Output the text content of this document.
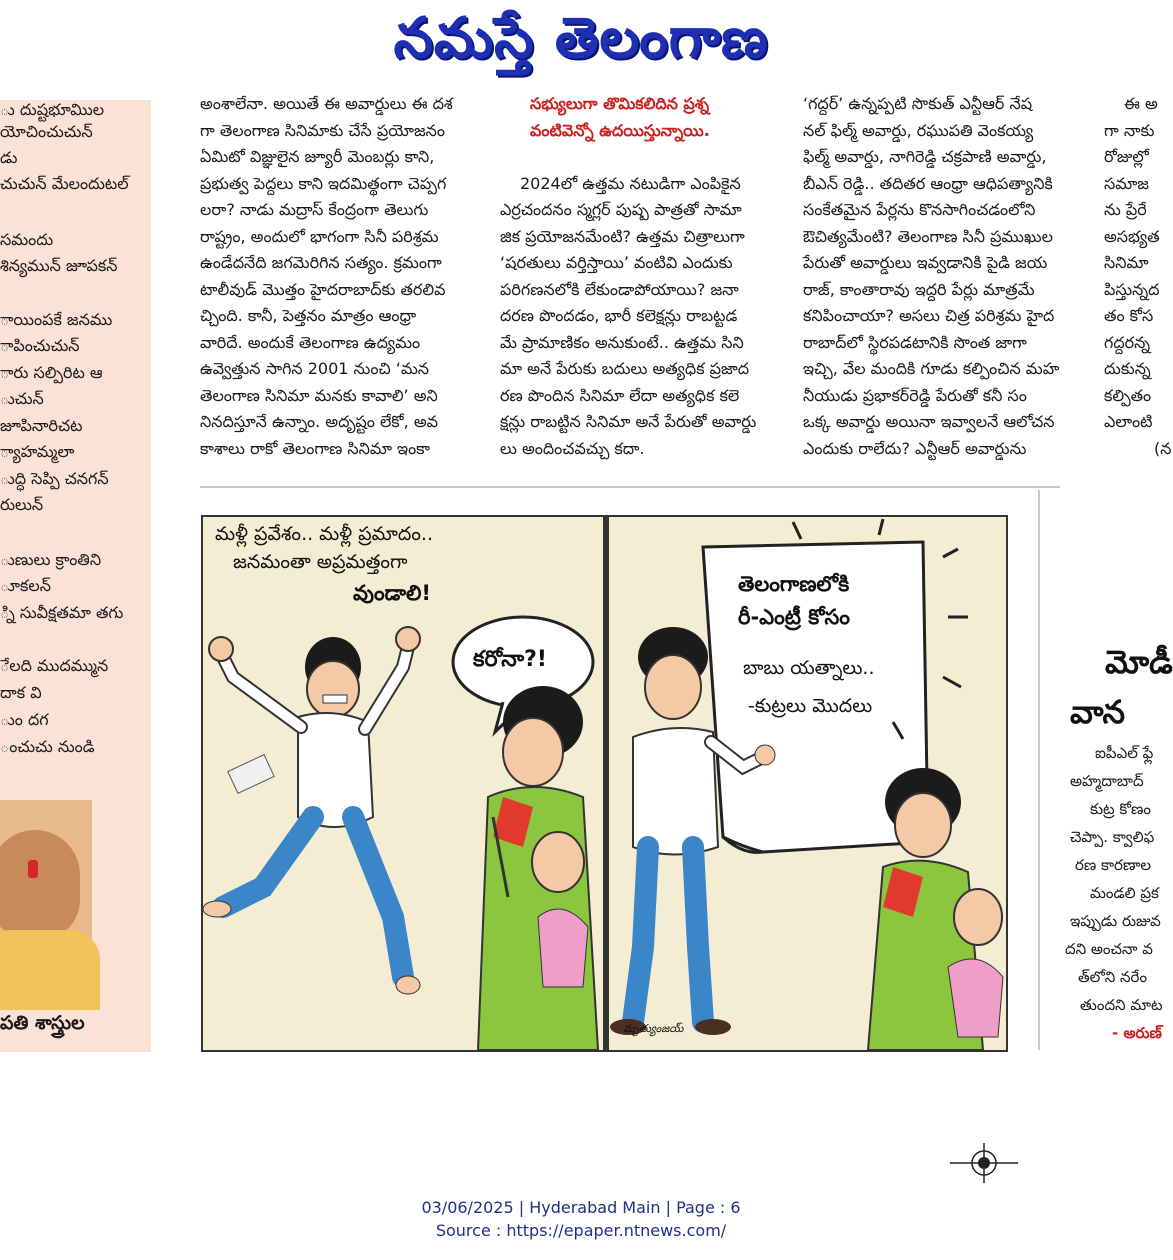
నమస్తే తెలంగాణ
ు దుష్టభూమిుల
యోచించుచున్
డు
చుచున్ మేలందుటల్
సమందు
శిన్యమున్ జూపకన్
ాయింపకే జనము
ాపించుచున్
ారు సల్పిరిట ఆ
ుచున్
జూపినారిచట
్యాహమ్మలా
ుద్ధి సెప్పి చనగన్
రులున్
ుణులు క్రాంతిని
ూకలన్
్ని సువీక్షతమా తగు
ేలది ముదమ్మున
దాక వి
ుం దగ
ంచుచు నుండి
పతి శాస్త్రుల
అంశాలేనా. అయితే ఈ అవార్డులు ఈ దశ
గా తెలంగాణ సినిమాకు చేసే ప్రయోజనం
ఏమిటో విజ్ఞులైన జ్యూరీ మెంబర్లు కాని,
ప్రభుత్వ పెద్దలు కాని ఇదమిత్థంగా చెప్పగ
లరా? నాడు మద్రాస్ కేంద్రంగా తెలుగు
రాష్ట్రం, అందులో భాగంగా సినీ పరిశ్రమ
ఉండేదనేది జగమెరిగిన సత్యం. క్రమంగా
టాలీవుడ్ మొత్తం హైదరాబాద్‌కు తరలివ
చ్చింది. కానీ, పెత్తనం మాత్రం ఆంధ్రా
వారిదే. అందుకే తెలంగాణ ఉద్యమం
ఉవ్వెత్తున సాగిన 2001 నుంచి ‘మన
తెలంగాణ సినిమా మనకు కావాలి’ అని
నినదిస్తూనే ఉన్నాం. అదృష్టం లేకో, అవ
కాశాలు రాకో తెలంగాణ సినిమా ఇంకా
సభ్యులుగా తొమికలిదిన ప్రశ్న
వంటివెన్నో ఉదయిస్తున్నాయి.
2024లో ఉత్తమ నటుడిగా ఎంపికైన
ఎర్రచందనం స్మగ్లర్ పుష్ప పాత్రతో సామా
జిక ప్రయోజనమేంటి? ఉత్తమ చిత్రాలుగా
‘షరతులు వర్తిస్తాయి’ వంటివి ఎందుకు
పరిగణనలోకి లేకుండాపోయాయి? జనా
దరణ పొందడం, భారీ కలెక్షన్లు రాబట్టడ
మే ప్రామాణికం అనుకుంటే.. ఉత్తమ సిని
మా అనే పేరుకు బదులు అత్యధిక ప్రజాద
రణ పొందిన సినిమా లేదా అత్యధిక కలె
క్షన్లు రాబట్టిన సినిమా అనే పేరుతో అవార్డు
లు అందించవచ్చు కదా.
‘గద్దర్’ ఉన్నప్పటి సొకుత్ ఎన్టీఆర్ నేష
నల్ ఫిల్మ్ అవార్డు, రఘుపతి వెంకయ్య
ఫిల్మ్ అవార్డు, నాగిరెడ్డి చక్రపాణి అవార్డు,
బీఎన్ రెడ్డి.. తదితర ఆంధ్రా ఆధిపత్యానికి
సంకేతమైన పేర్లను కొనసాగించడంలోని
ఔచిత్యమేంటి? తెలంగాణ సినీ ప్రముఖుల
పేరుతో అవార్డులు ఇవ్వడానికి పైడి జయ
రాజ్, కాంతారావు ఇద్దరి పేర్లు మాత్రమే
కనిపించాయా? అసలు చిత్ర పరిశ్రమ హైద
రాబాద్‌లో స్థిరపడటానికి సొంత జాగా
ఇచ్చి, వేల మందికి గూడు కల్పించిన మహ
నీయుడు ప్రభాకర్‌రెడ్డి పేరుతో కనీ సం
ఒక్క అవార్డు అయినా ఇవ్వాలనే ఆలోచన
ఎందుకు రాలేదు? ఎన్టీఆర్ అవార్డును
ఈ అ
గా నాకు
రోజుల్లో
సమాజ
ను ప్రేరే
అసభ్యత
సినిమా
పిస్తున్నద
తం కోస
గద్దరన్న
దుకున్న
కల్పితం
ఎలాంటి
(న
మళ్లీ ప్రవేశం.. మళ్లీ ప్రమాదం..
జనమంతా అప్రమత్తంగా
వుండాలి!
కరోనా?!
తెలంగాణలోకి
రీ-ఎంట్రీ కోసం
బాబు యత్నాలు..
-కుట్రలు మొదలు
మృత్యుంజయ్
మోడీ
వాన
ఐపీఎల్ ఫ్లే
అహ్మదాబాద్
కుట్ర కోణం
చెప్పా. క్వాలిఫ
రణ కారణాల
మండలి ప్రక
ఇప్పుడు రుజువ
దని అంచనా వ
త్‌లోని నరేం
తుందని మాట
- అరుణ్
03/06/2025 | Hyderabad Main | Page : 6
Source : https://epaper.ntnews.com/
